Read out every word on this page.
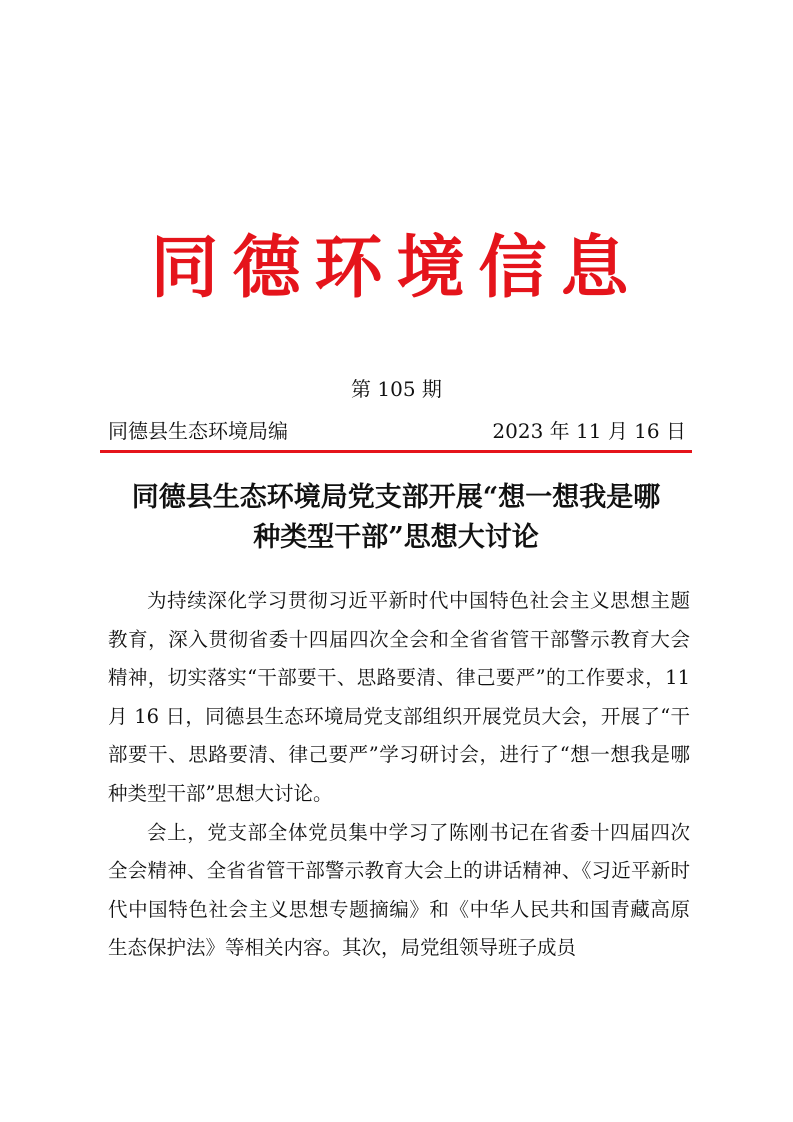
同德环境信息
第 105 期
同德县生态环境局编	2023 年 11 月 16 日
同德县生态环境局党支部开展“想一想我是哪
种类型干部”思想大讨论

为持续深化学习贯彻习近平新时代中国特色社会主义思想主题教育，深入贯彻省委十四届四次全会和全省省管干部警示教育大会精神，切实落实“干部要干、思路要清、律己要严”的工作要求，11 月 16 日，同德县生态环境局党支部组织开展党员大会，开展了“干部要干、思路要清、律己要严”学习研讨会，进行了“想一想我是哪种类型干部”思想大讨论。

会上，党支部全体党员集中学习了陈刚书记在省委十四届四次全会精神、全省省管干部警示教育大会上的讲话精神、《习近平新时代中国特色社会主义思想专题摘编》和《中华人民共和国青藏高原生态保护法》等相关内容。其次，局党组领导班子成员
